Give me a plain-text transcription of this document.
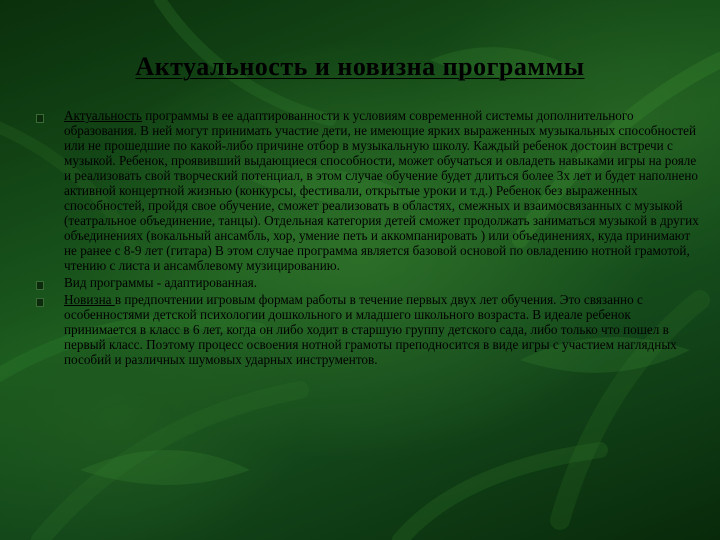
Актуальность и новизна программы
Актуальность программы в ее адаптированности к условиям современной системы дополнительного образования. В ней могут принимать участие дети, не имеющие ярких выраженных музыкальных способностей или не прошедшие по какой-либо причине отбор в музыкальную школу. Каждый ребенок достоин встречи с музыкой. Ребенок, проявивший выдающиеся способности, может обучаться и овладеть навыками игры на рояле и реализовать свой творческий потенциал, в этом случае обучение будет длиться более 3х лет и будет наполнено активной концертной жизнью (конкурсы, фестивали, открытые уроки и т.д.) Ребенок без выраженных способностей, пройдя свое обучение, сможет реализовать в областях, смежных и взаимосвязанных с музыкой (театральное объединение, танцы). Отдельная категория детей сможет продолжать заниматься музыкой в других объединениях (вокальный ансамбль, хор, умение петь и аккомпанировать ) или объединениях, куда принимают не ранее с 8-9 лет (гитара) В этом случае программа является базовой основой по овладению нотной грамотой, чтению с листа и ансамблевому музицированию.
Вид программы - адаптированная.
Новизна в предпочтении игровым формам работы в течение первых двух лет обучения. Это связанно с особенностями детской психологии дошкольного и младшего школьного возраста. В идеале ребенок принимается в класс в 6 лет, когда он либо ходит в старшую группу детского сада, либо только что пошел в первый класс. Поэтому процесс освоения нотной грамоты преподносится в виде игры с участием наглядных пособий и различных шумовых ударных инструментов.
